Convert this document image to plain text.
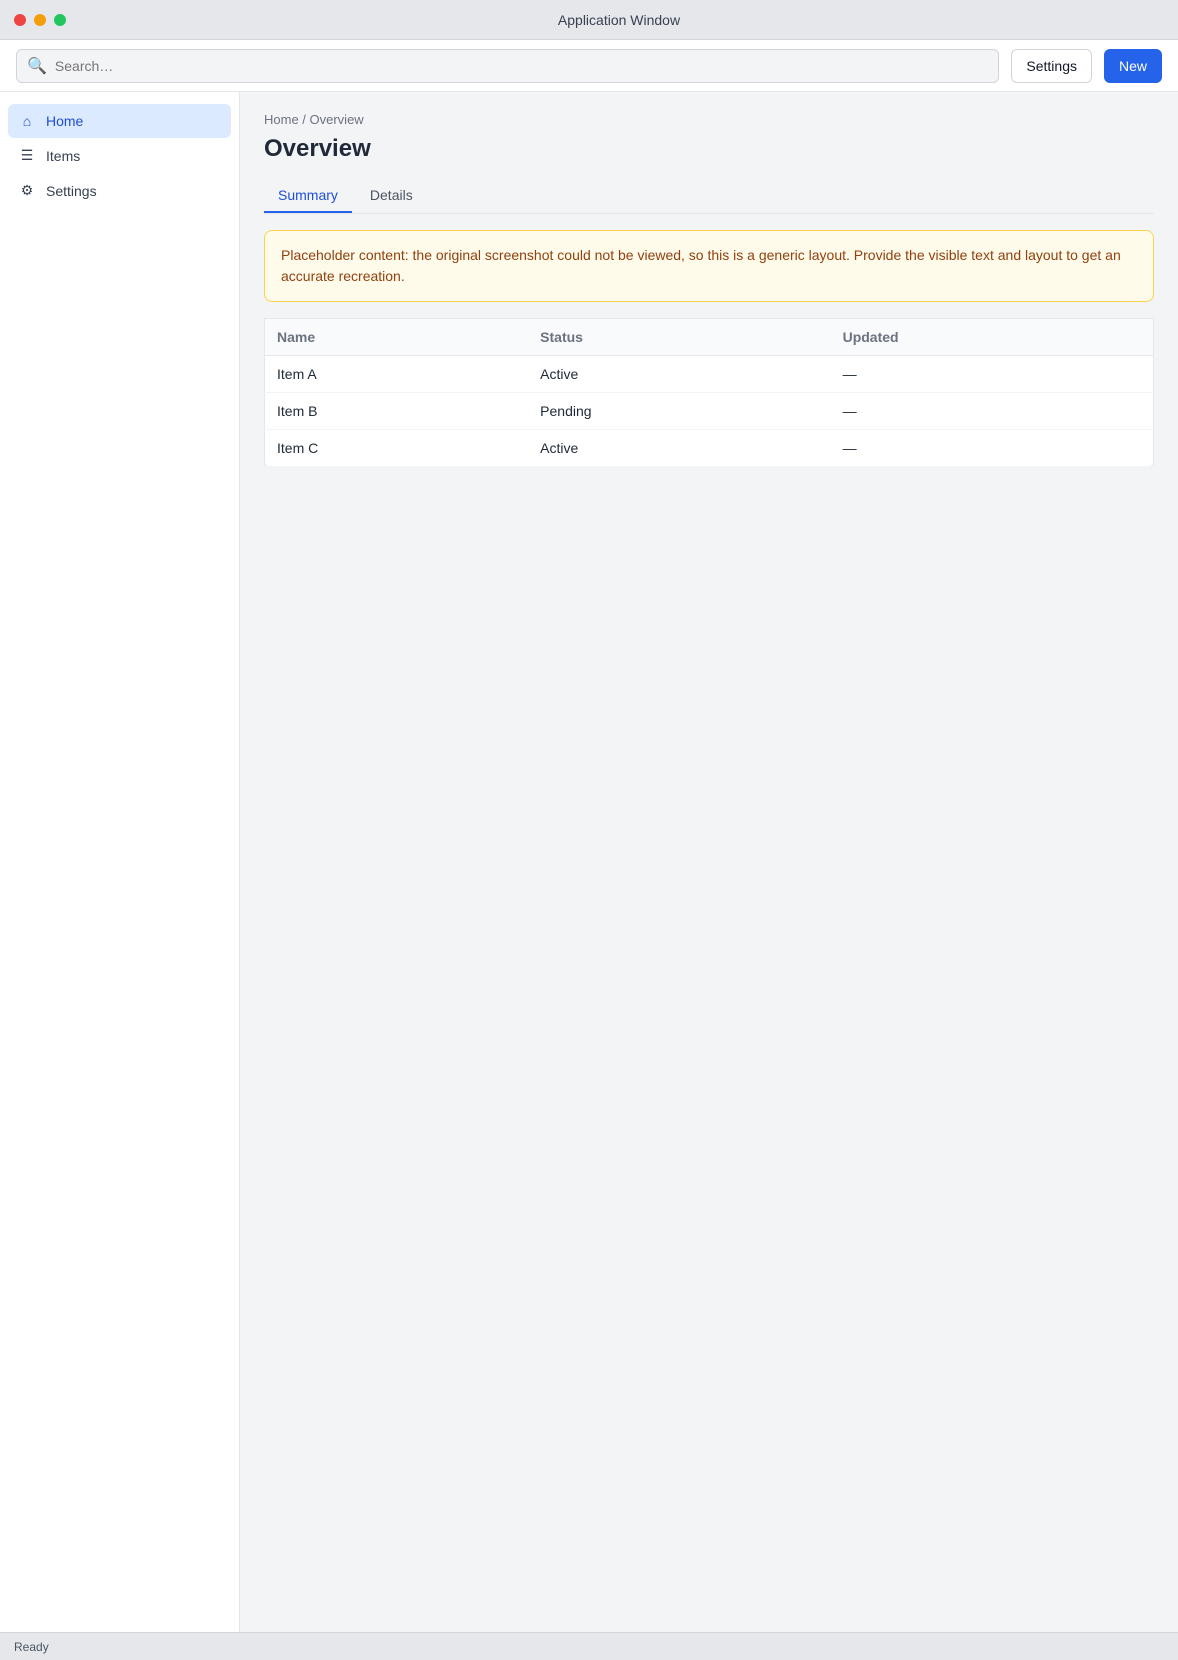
Application Window
🔍
Search…	Settings	New
⌂	Home
☰ Items
⚙ Settings
Home / Overview
Overview
Summary	Details
Placeholder content: the original screenshot could not be viewed, so this is a generic layout. Provide the visible text and layout to get an accurate recreation.
Name	Status	Updated
Item A	Active	—
Item B	Pending	—
Item C	Active	—
Ready
